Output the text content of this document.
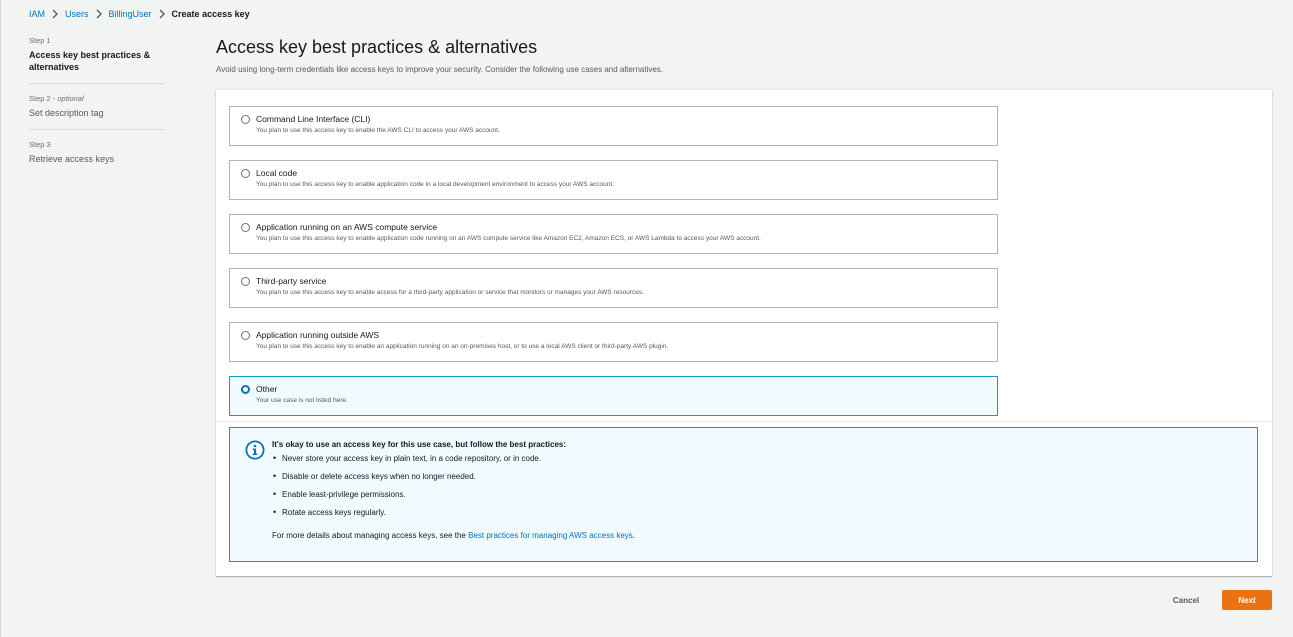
IAM Users BillingUser Create access key
Step 1
Access key best practices & alternatives
Step 2 - optional
Set description tag
Step 3
Retrieve access keys
Access key best practices & alternatives

Avoid using long-term credentials like access keys to improve your security. Consider the following use cases and alternatives.

Command Line Interface (CLI)
You plan to use this access key to enable the AWS CLI to access your AWS account.
Local code
You plan to use this access key to enable application code in a local development environment to access your AWS account.
Application running on an AWS compute service
You plan to use this access key to enable application code running on an AWS compute service like Amazon EC2, Amazon ECS, or AWS Lambda to access your AWS account.
Third-party service
You plan to use this access key to enable access for a third-party application or service that monitors or manages your AWS resources.
Application running outside AWS
You plan to use this access key to enable an application running on an on-premises host, or to use a local AWS client or third-party AWS plugin.
Other
Your use case is not listed here.
It's okay to use an access key for this use case, but follow the best practices:
• Never store your access key in plain text, in a code repository, or in code.
• Disable or delete access keys when no longer needed.
• Enable least-privilege permissions.
• Rotate access keys regularly.

For more details about managing access keys, see the Best practices for managing AWS access keys.

Cancel	Next
